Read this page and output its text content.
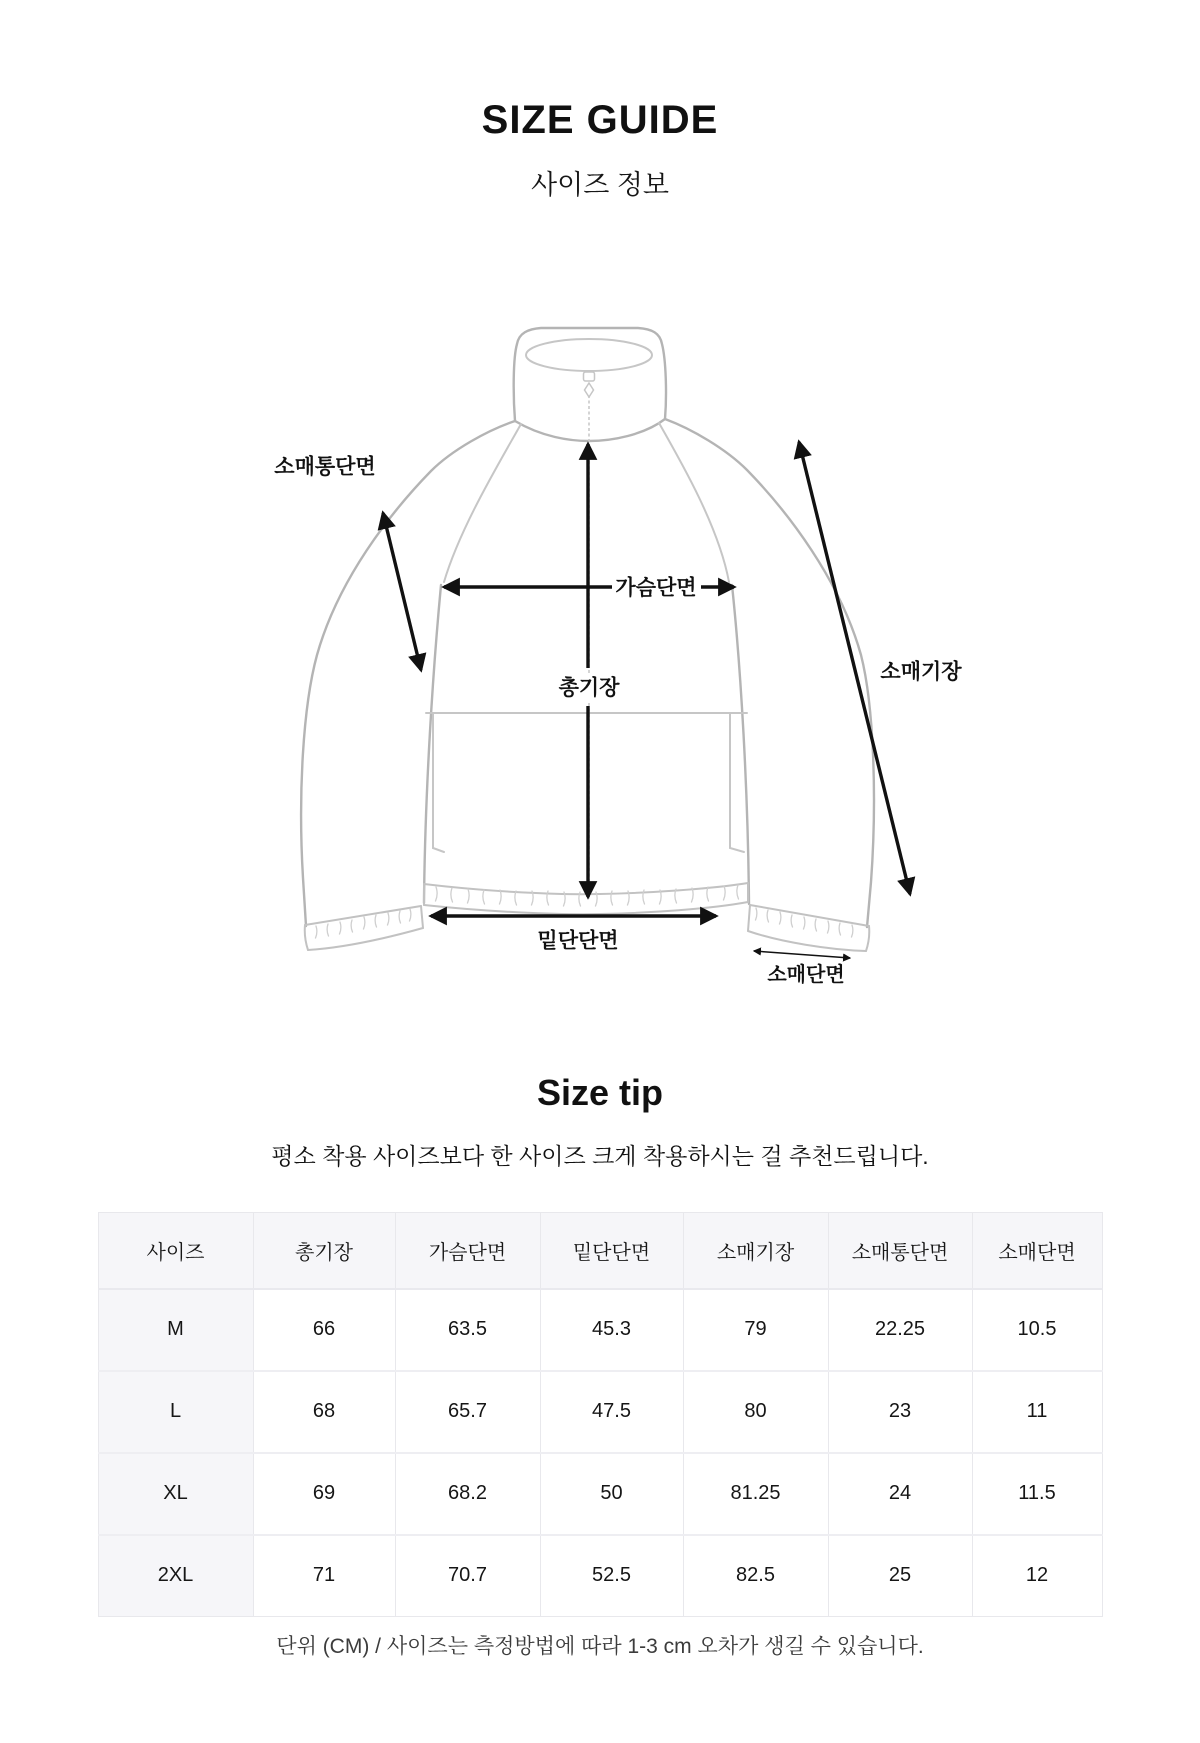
SIZE GUIDE
사이즈 정보
소매통단면
가슴단면
총기장
소매기장
밑단단면
소매단면
Size tip
평소 착용 사이즈보다 한 사이즈 크게 착용하시는 걸 추천드립니다.
사이즈	총기장	가슴단면	밑단단면	소매기장	소매통단면	소매단면
M	66	63.5	45.3	79	22.25	10.5
L	68	65.7	47.5	80	23	11
XL	69	68.2	50	81.25	24	11.5
2XL	71	70.7	52.5	82.5	25	12
단위 (CM) / 사이즈는 측정방법에 따라 1-3 cm 오차가 생길 수 있습니다.
